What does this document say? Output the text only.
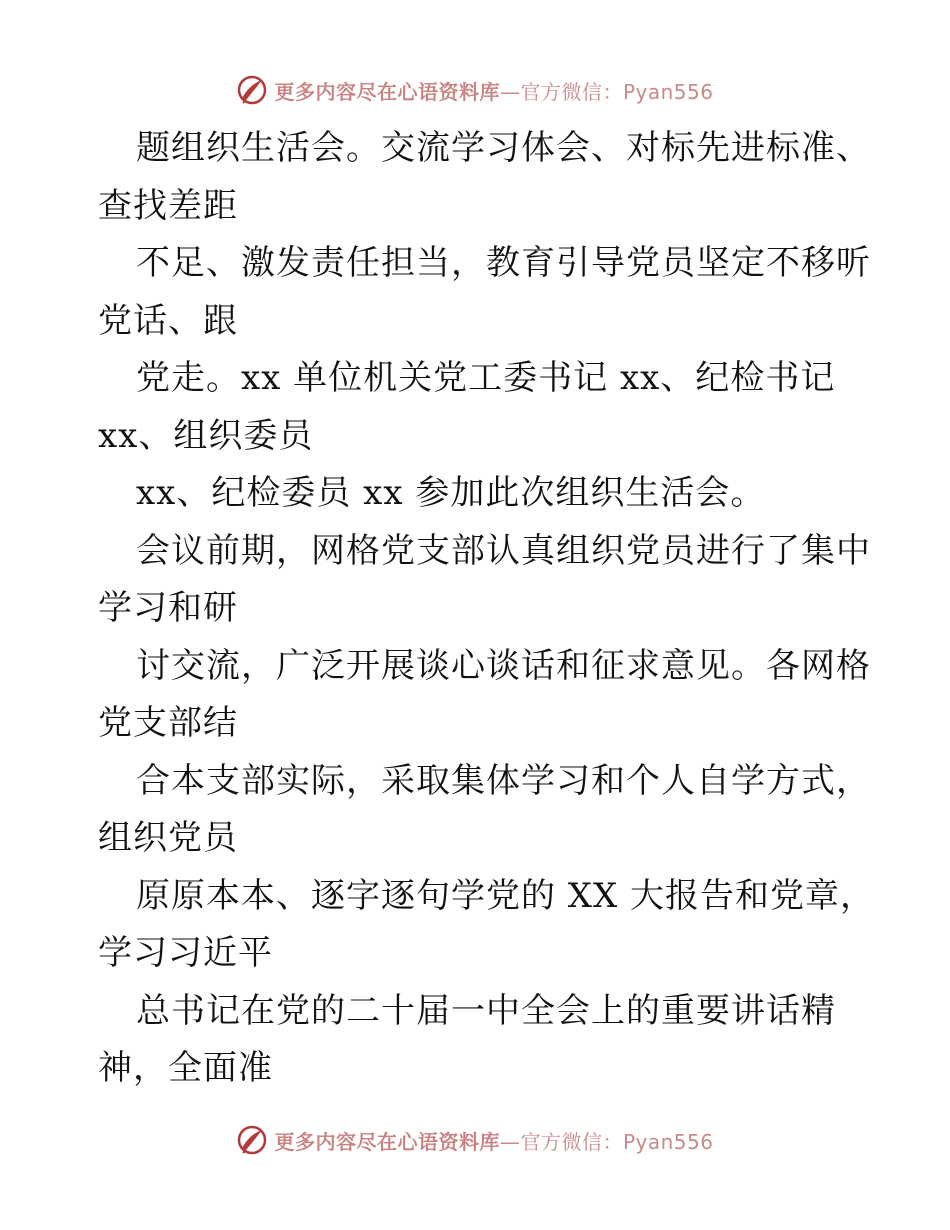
更多内容尽在心语资料库—官方微信：Pyan556
题组织生活会。交流学习体会、对标先进标准、
查找差距
不足、激发责任担当，教育引导党员坚定不移听
党话、跟
党走。xx 单位机关党工委书记 xx、纪检书记
xx、组织委员
xx、纪检委员 xx 参加此次组织生活会。
会议前期，网格党支部认真组织党员进行了集中
学习和研
讨交流，广泛开展谈心谈话和征求意见。各网格
党支部结
合本支部实际，采取集体学习和个人自学方式，
组织党员
原原本本、逐字逐句学党的 XX 大报告和党章，
学习习近平
总书记在党的二十届一中全会上的重要讲话精
神，全面准
更多内容尽在心语资料库—官方微信：Pyan556
